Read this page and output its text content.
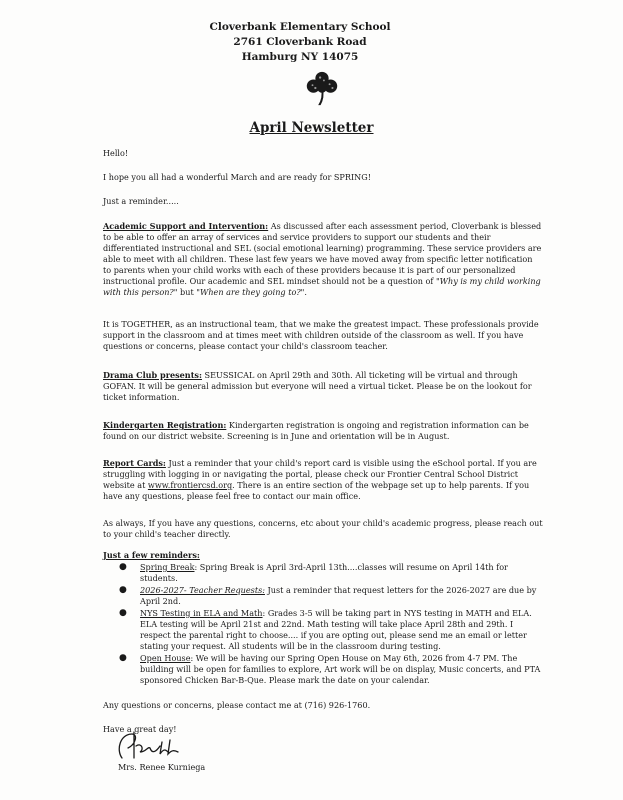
Cloverbank Elementary School
2761 Cloverbank Road
Hamburg NY 14075
April Newsletter
Hello!
I hope you all had a wonderful March and are ready for SPRING!
Just a reminder.....
Academic Support and Intervention: As discussed after each assessment period, Cloverbank is blessed to be able to offer an array of services and service providers to support our students and their differentiated instructional and SEL (social emotional learning) programming. These service providers are able to meet with all children. These last few years we have moved away from specific letter notification to parents when your child works with each of these providers because it is part of our personalized instructional profile. Our academic and SEL mindset should not be a question of "Why is my child working with this person?" but "When are they going to?".
It is TOGETHER, as an instructional team, that we make the greatest impact. These professionals provide support in the classroom and at times meet with children outside of the classroom as well. If you have questions or concerns, please contact your child's classroom teacher.
Drama Club presents: SEUSSICAL on April 29th and 30th. All ticketing will be virtual and through GOFAN. It will be general admission but everyone will need a virtual ticket. Please be on the lookout for ticket information.
Kindergarten Registration: Kindergarten registration is ongoing and registration information can be found on our district website. Screening is in June and orientation will be in August.
Report Cards: Just a reminder that your child's report card is visible using the eSchool portal. If you are struggling with logging in or navigating the portal, please check our Frontier Central School District website at www.frontiercsd.org. There is an entire section of the webpage set up to help parents. If you have any questions, please feel free to contact our main office.
As always, If you have any questions, concerns, etc about your child's academic progress, please reach out to your child's teacher directly.
Just a few reminders:
● Spring Break: Spring Break is April 3rd-April 13th....classes will resume on April 14th for students.
● 2026-2027- Teacher Requests: Just a reminder that request letters for the 2026-2027 are due by April 2nd.
● NYS Testing in ELA and Math: Grades 3-5 will be taking part in NYS testing in MATH and ELA. ELA testing will be April 21st and 22nd. Math testing will take place April 28th and 29th. I respect the parental right to choose.... if you are opting out, please send me an email or letter stating your request. All students will be in the classroom during testing.
● Open House: We will be having our Spring Open House on May 6th, 2026 from 4-7 PM. The building will be open for families to explore, Art work will be on display, Music concerts, and PTA sponsored Chicken Bar-B-Que. Please mark the date on your calendar.
Any questions or concerns, please contact me at (716) 926-1760.
Have a great day!
Mrs. Renee Kurniega
